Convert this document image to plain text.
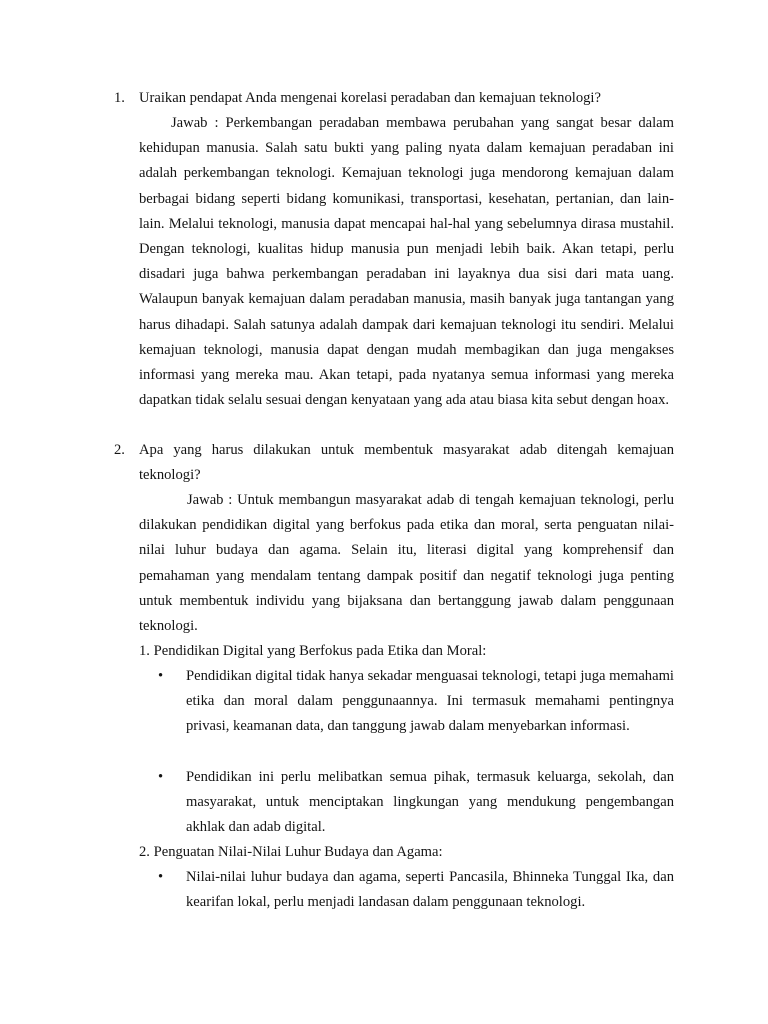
1. Uraikan pendapat Anda mengenai korelasi peradaban dan kemajuan teknologi?

Jawab : Perkembangan peradaban membawa perubahan yang sangat besar dalam kehidupan manusia. Salah satu bukti yang paling nyata dalam kemajuan peradaban ini adalah perkembangan teknologi. Kemajuan teknologi juga mendorong kemajuan dalam berbagai bidang seperti bidang komunikasi, transportasi, kesehatan, pertanian, dan lain-lain. Melalui teknologi, manusia dapat mencapai hal-hal yang sebelumnya dirasa mustahil. Dengan teknologi, kualitas hidup manusia pun menjadi lebih baik. Akan tetapi, perlu disadari juga bahwa perkembangan peradaban ini layaknya dua sisi dari mata uang. Walaupun banyak kemajuan dalam peradaban manusia, masih banyak juga tantangan yang harus dihadapi. Salah satunya adalah dampak dari kemajuan teknologi itu sendiri. Melalui kemajuan teknologi, manusia dapat dengan mudah membagikan dan juga mengakses informasi yang mereka mau. Akan tetapi, pada nyatanya semua informasi yang mereka dapatkan tidak selalu sesuai dengan kenyataan yang ada atau biasa kita sebut dengan hoax.

2. Apa yang harus dilakukan untuk membentuk masyarakat adab ditengah kemajuan teknologi?

Jawab : Untuk membangun masyarakat adab di tengah kemajuan teknologi, perlu dilakukan pendidikan digital yang berfokus pada etika dan moral, serta penguatan nilai-nilai luhur budaya dan agama. Selain itu, literasi digital yang komprehensif dan pemahaman yang mendalam tentang dampak positif dan negatif teknologi juga penting untuk membentuk individu yang bijaksana dan bertanggung jawab dalam penggunaan teknologi.

1. Pendidikan Digital yang Berfokus pada Etika dan Moral:
•	Pendidikan digital tidak hanya sekadar menguasai teknologi, tetapi juga memahami etika dan moral dalam penggunaannya. Ini termasuk memahami pentingnya privasi, keamanan data, dan tanggung jawab dalam menyebarkan informasi.
•	Pendidikan ini perlu melibatkan semua pihak, termasuk keluarga, sekolah, dan masyarakat, untuk menciptakan lingkungan yang mendukung pengembangan akhlak dan adab digital.
2. Penguatan Nilai-Nilai Luhur Budaya dan Agama:
•	Nilai-nilai luhur budaya dan agama, seperti Pancasila, Bhinneka Tunggal Ika, dan kearifan lokal, perlu menjadi landasan dalam penggunaan teknologi.
